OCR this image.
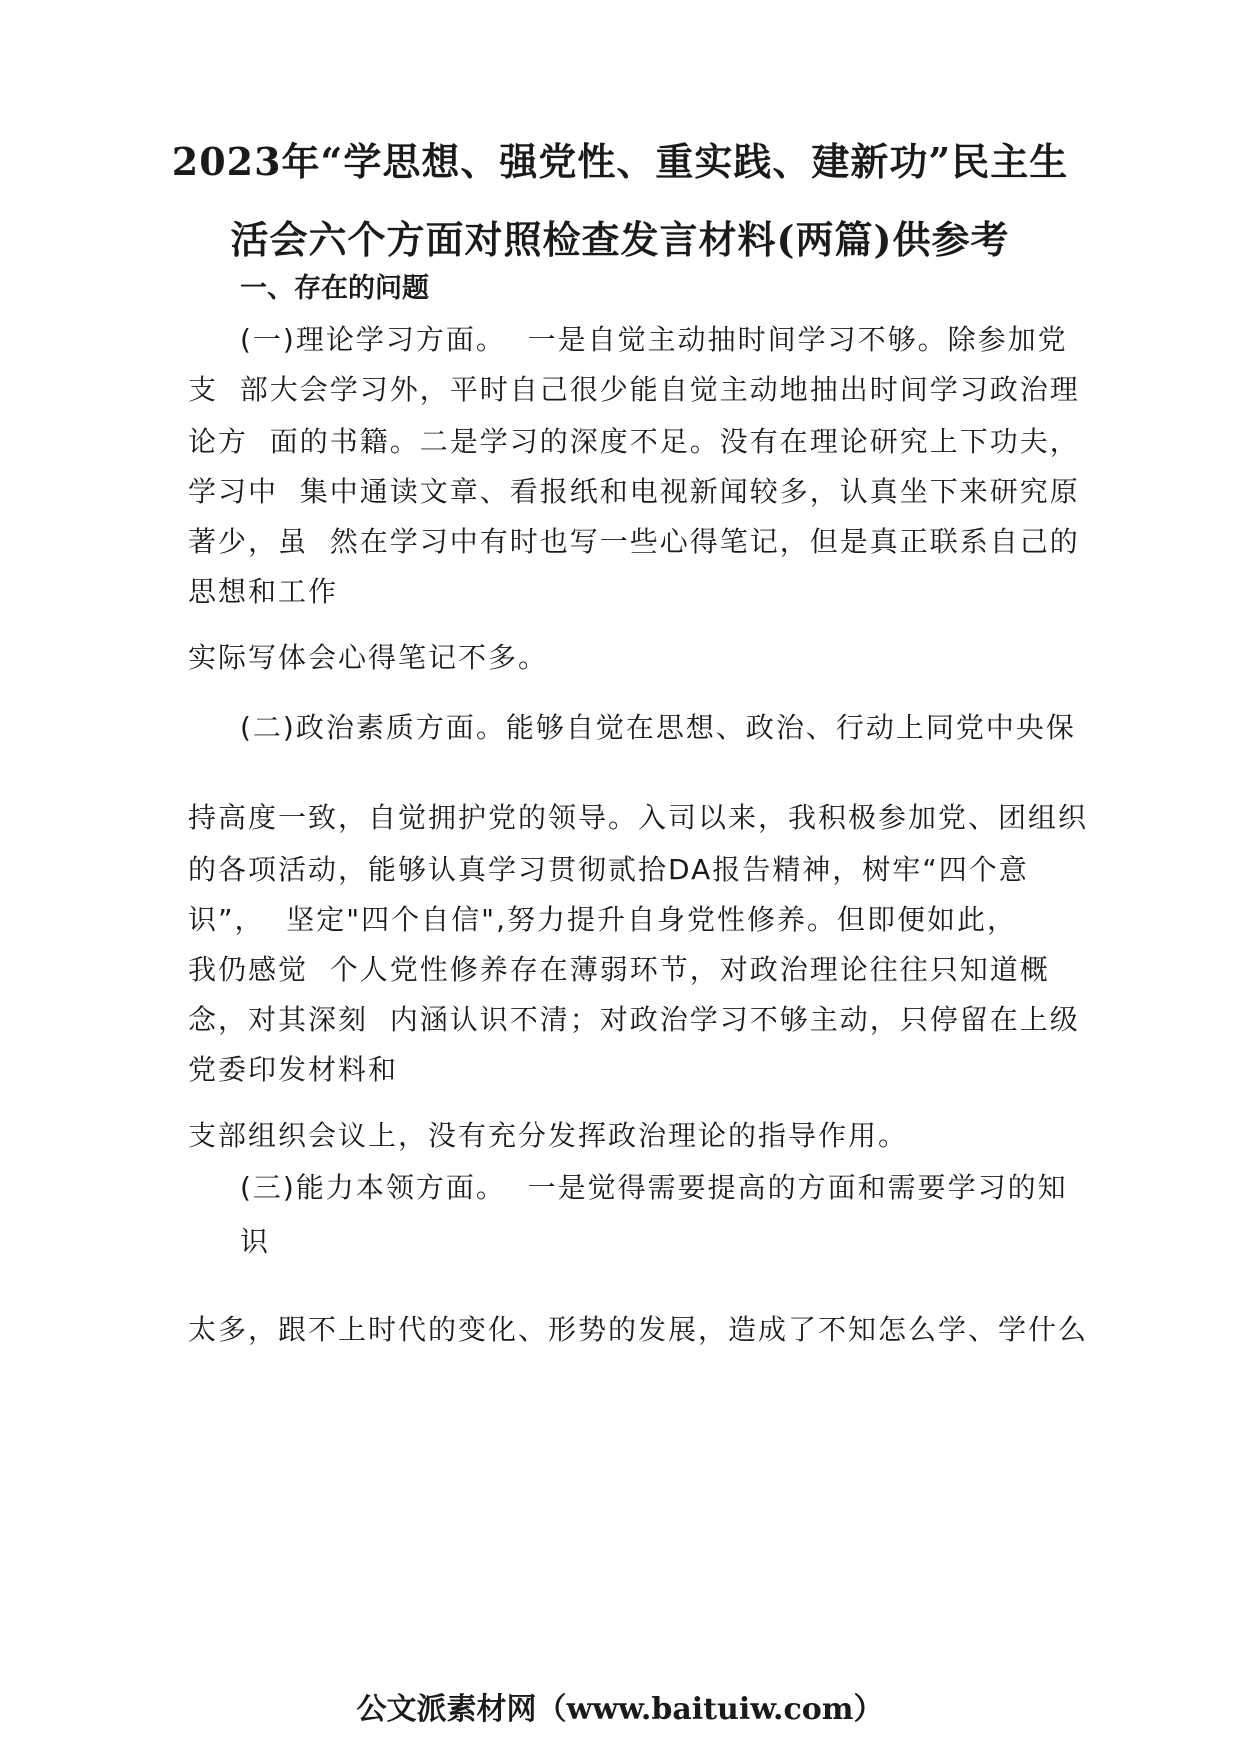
2023年“学思想、强党性、重实践、建新功”民主生
活会六个方面对照检查发言材料(两篇)供参考
一、存在的问题
(一)理论学习方面。  一是自觉主动抽时间学习不够。除参加党
支  部大会学习外，平时自己很少能自觉主动地抽出时间学习政治理
论方  面的书籍。二是学习的深度不足。没有在理论研究上下功夫，
学习中  集中通读文章、看报纸和电视新闻较多，认真坐下来研究原
著少，虽  然在学习中有时也写一些心得笔记，但是真正联系自己的
思想和工作
实际写体会心得笔记不多。
(二)政治素质方面。能够自觉在思想、政治、行动上同党中央保
持高度一致，自觉拥护党的领导。入司以来，我积极参加党、团组织
的各项活动，能够认真学习贯彻贰拾DA报告精神，树牢“四个意
识”，  坚定"四个自信",努力提升自身党性修养。但即便如此，
我仍感觉  个人党性修养存在薄弱环节，对政治理论往往只知道概
念，对其深刻  内涵认识不清；对政治学习不够主动，只停留在上级
党委印发材料和
支部组织会议上，没有充分发挥政治理论的指导作用。
(三)能力本领方面。  一是觉得需要提高的方面和需要学习的知
识
太多，跟不上时代的变化、形势的发展，造成了不知怎么学、学什么
公文派素材网（www.baituiw.com）
